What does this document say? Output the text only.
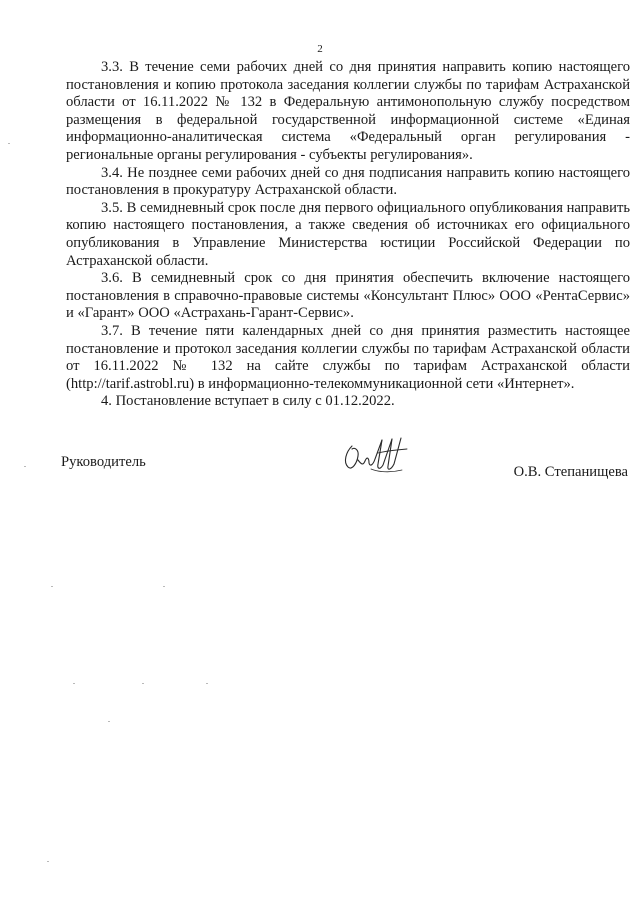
2

3.3. В течение семи рабочих дней со дня принятия направить копию настоящего постановления и копию протокола заседания коллегии службы по тарифам Астраханской области от 16.11.2022 № 132 в Федеральную антимонопольную службу посредством размещения в федеральной государственной информационной системе «Единая информационно-аналитическая система «Федеральный орган регулирования - региональные органы регулирования - субъекты регулирования».

3.4. Не позднее семи рабочих дней со дня подписания направить копию настоящего постановления в прокуратуру Астраханской области.

3.5. В семидневный срок после дня первого официального опубликования направить копию настоящего постановления, а также сведения об источниках его официального опубликования в Управление Министерства юстиции Российской Федерации по Астраханской области.

3.6. В семидневный срок со дня принятия обеспечить включение настоящего постановления в справочно-правовые системы «Консультант Плюс» ООО «РентаСервис» и «Гарант» ООО «Астрахань-Гарант-Сервис».

3.7. В течение пяти календарных дней со дня принятия разместить настоящее постановление и протокол заседания коллегии службы по тарифам Астраханской области от 16.11.2022 № 132 на сайте службы по тарифам Астраханской области (http://tarif.astrobl.ru) в информационно-телекоммуникационной сети «Интернет».

4. Постановление вступает в силу с 01.12.2022.

Руководитель
О.В. Степанищева
